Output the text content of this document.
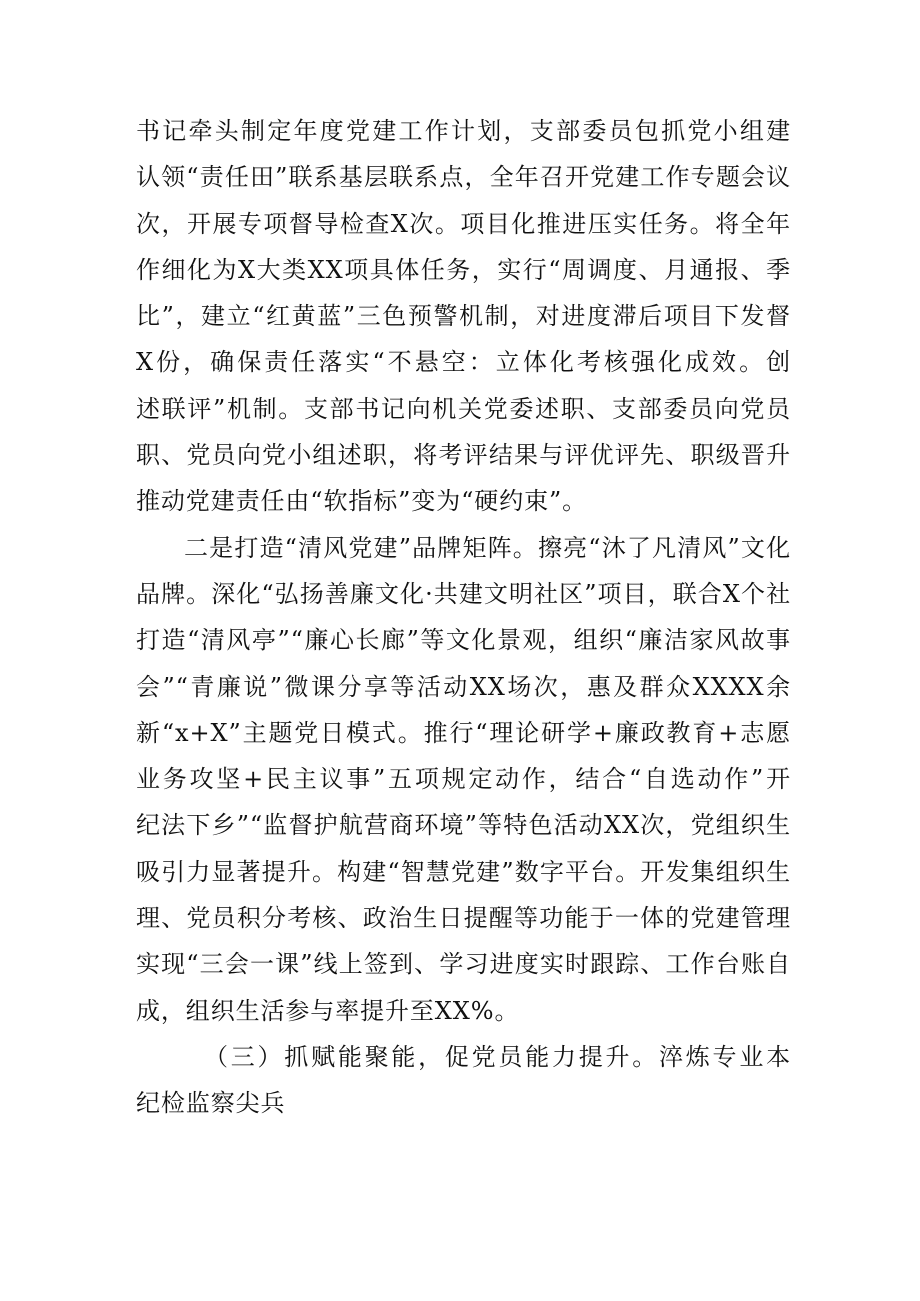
书记牵头制定年度党建工作计划，支部委员包抓党小组建
认领“责任田”联系基层联系点，全年召开党建工作专题会议
次，开展专项督导检查X次。项目化推进压实任务。将全年
作细化为X大类XX项具体任务，实行“周调度、月通报、季
比”，建立“红黄蓝”三色预警机制，对进度滞后项目下发督
X份，确保责任落实“不悬空：立体化考核强化成效。创
述联评”机制。支部书记向机关党委述职、支部委员向党员
职、党员向党小组述职，将考评结果与评优评先、职级晋升
推动党建责任由“软指标”变为“硬约束”。
二是打造“清风党建”品牌矩阵。擦亮“沐了凡清风”文化
品牌。深化“弘扬善廉文化·共建文明社区”项目，联合X个社
打造“清风亭”“廉心长廊”等文化景观，组织“廉洁家风故事
会”“青廉说”微课分享等活动XX场次，惠及群众XXXX余
新“x+X”主题党日模式。推行“理论研学+廉政教育+志愿
业务攻坚+民主议事”五项规定动作，结合“自选动作”开
纪法下乡”“监督护航营商环境”等特色活动XX次，党组织生
吸引力显著提升。构建“智慧党建”数字平台。开发集组织生
理、党员积分考核、政治生日提醒等功能于一体的党建管理
实现“三会一课”线上签到、学习进度实时跟踪、工作台账自
成，组织生活参与率提升至XX%。
（三）抓赋能聚能，促党员能力提升。淬炼专业本
纪检监察尖兵
